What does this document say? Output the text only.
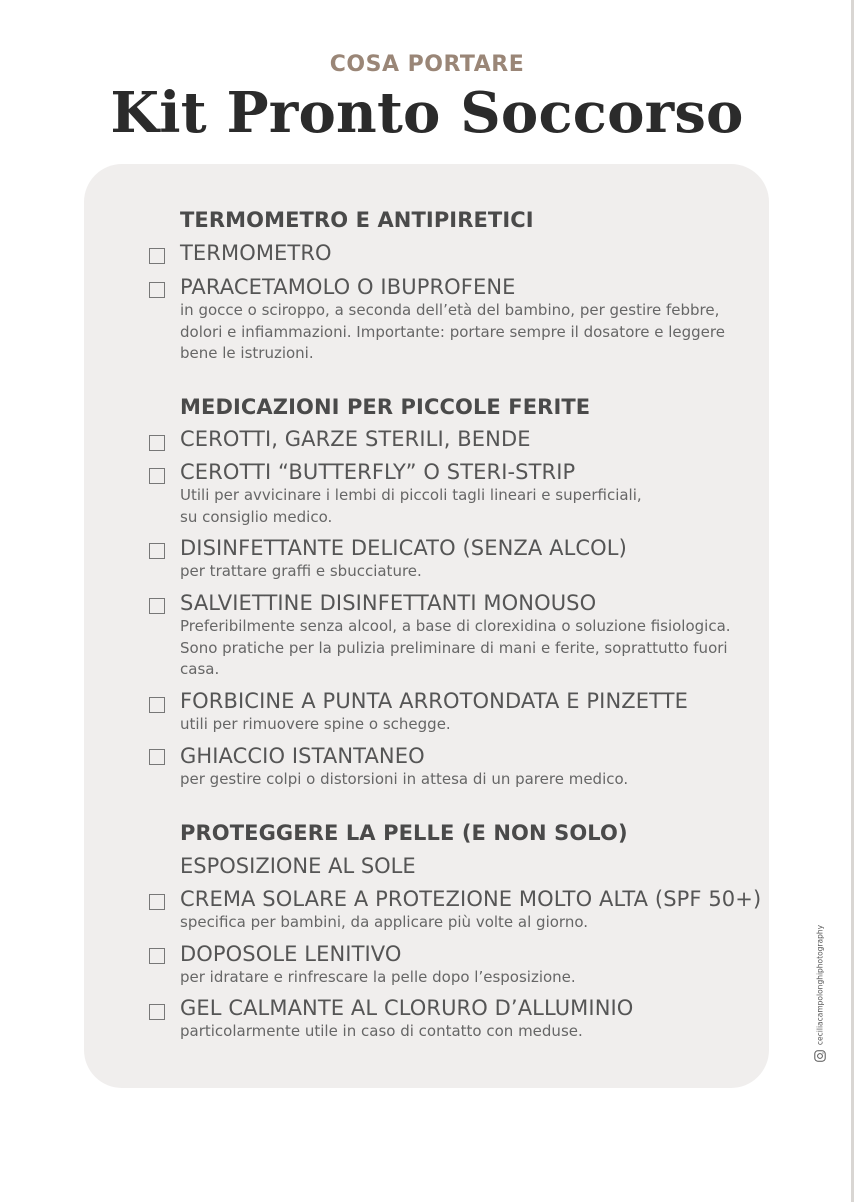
COSA PORTARE
Kit Pronto Soccorso
TERMOMETRO E ANTIPIRETICI
TERMOMETRO
PARACETAMOLO O IBUPROFENE
in gocce o sciroppo, a seconda dell’età del bambino, per gestire febbre, dolori e infiammazioni. Importante: portare sempre il dosatore e leggere bene le istruzioni.
MEDICAZIONI PER PICCOLE FERITE
CEROTTI, GARZE STERILI, BENDE
CEROTTI “BUTTERFLY” O STERI-STRIP
Utili per avvicinare i lembi di piccoli tagli lineari e superficiali,
su consiglio medico.
DISINFETTANTE DELICATO (SENZA ALCOL)
per trattare graffi e sbucciature.
SALVIETTINE DISINFETTANTI MONOUSO
Preferibilmente senza alcool, a base di clorexidina o soluzione fisiologica. Sono pratiche per la pulizia preliminare di mani e ferite, soprattutto fuori casa.
FORBICINE A PUNTA ARROTONDATA E PINZETTE
utili per rimuovere spine o schegge.
GHIACCIO ISTANTANEO
per gestire colpi o distorsioni in attesa di un parere medico.
PROTEGGERE LA PELLE (E NON SOLO)
ESPOSIZIONE AL SOLE
CREMA SOLARE A PROTEZIONE MOLTO ALTA (SPF 50+)
specifica per bambini, da applicare più volte al giorno.
DOPOSOLE LENITIVO
per idratare e rinfrescare la pelle dopo l’esposizione.
GEL CALMANTE AL CLORURO D’ALLUMINIO
particolarmente utile in caso di contatto con meduse.	ceciliacampolonghiphotography
